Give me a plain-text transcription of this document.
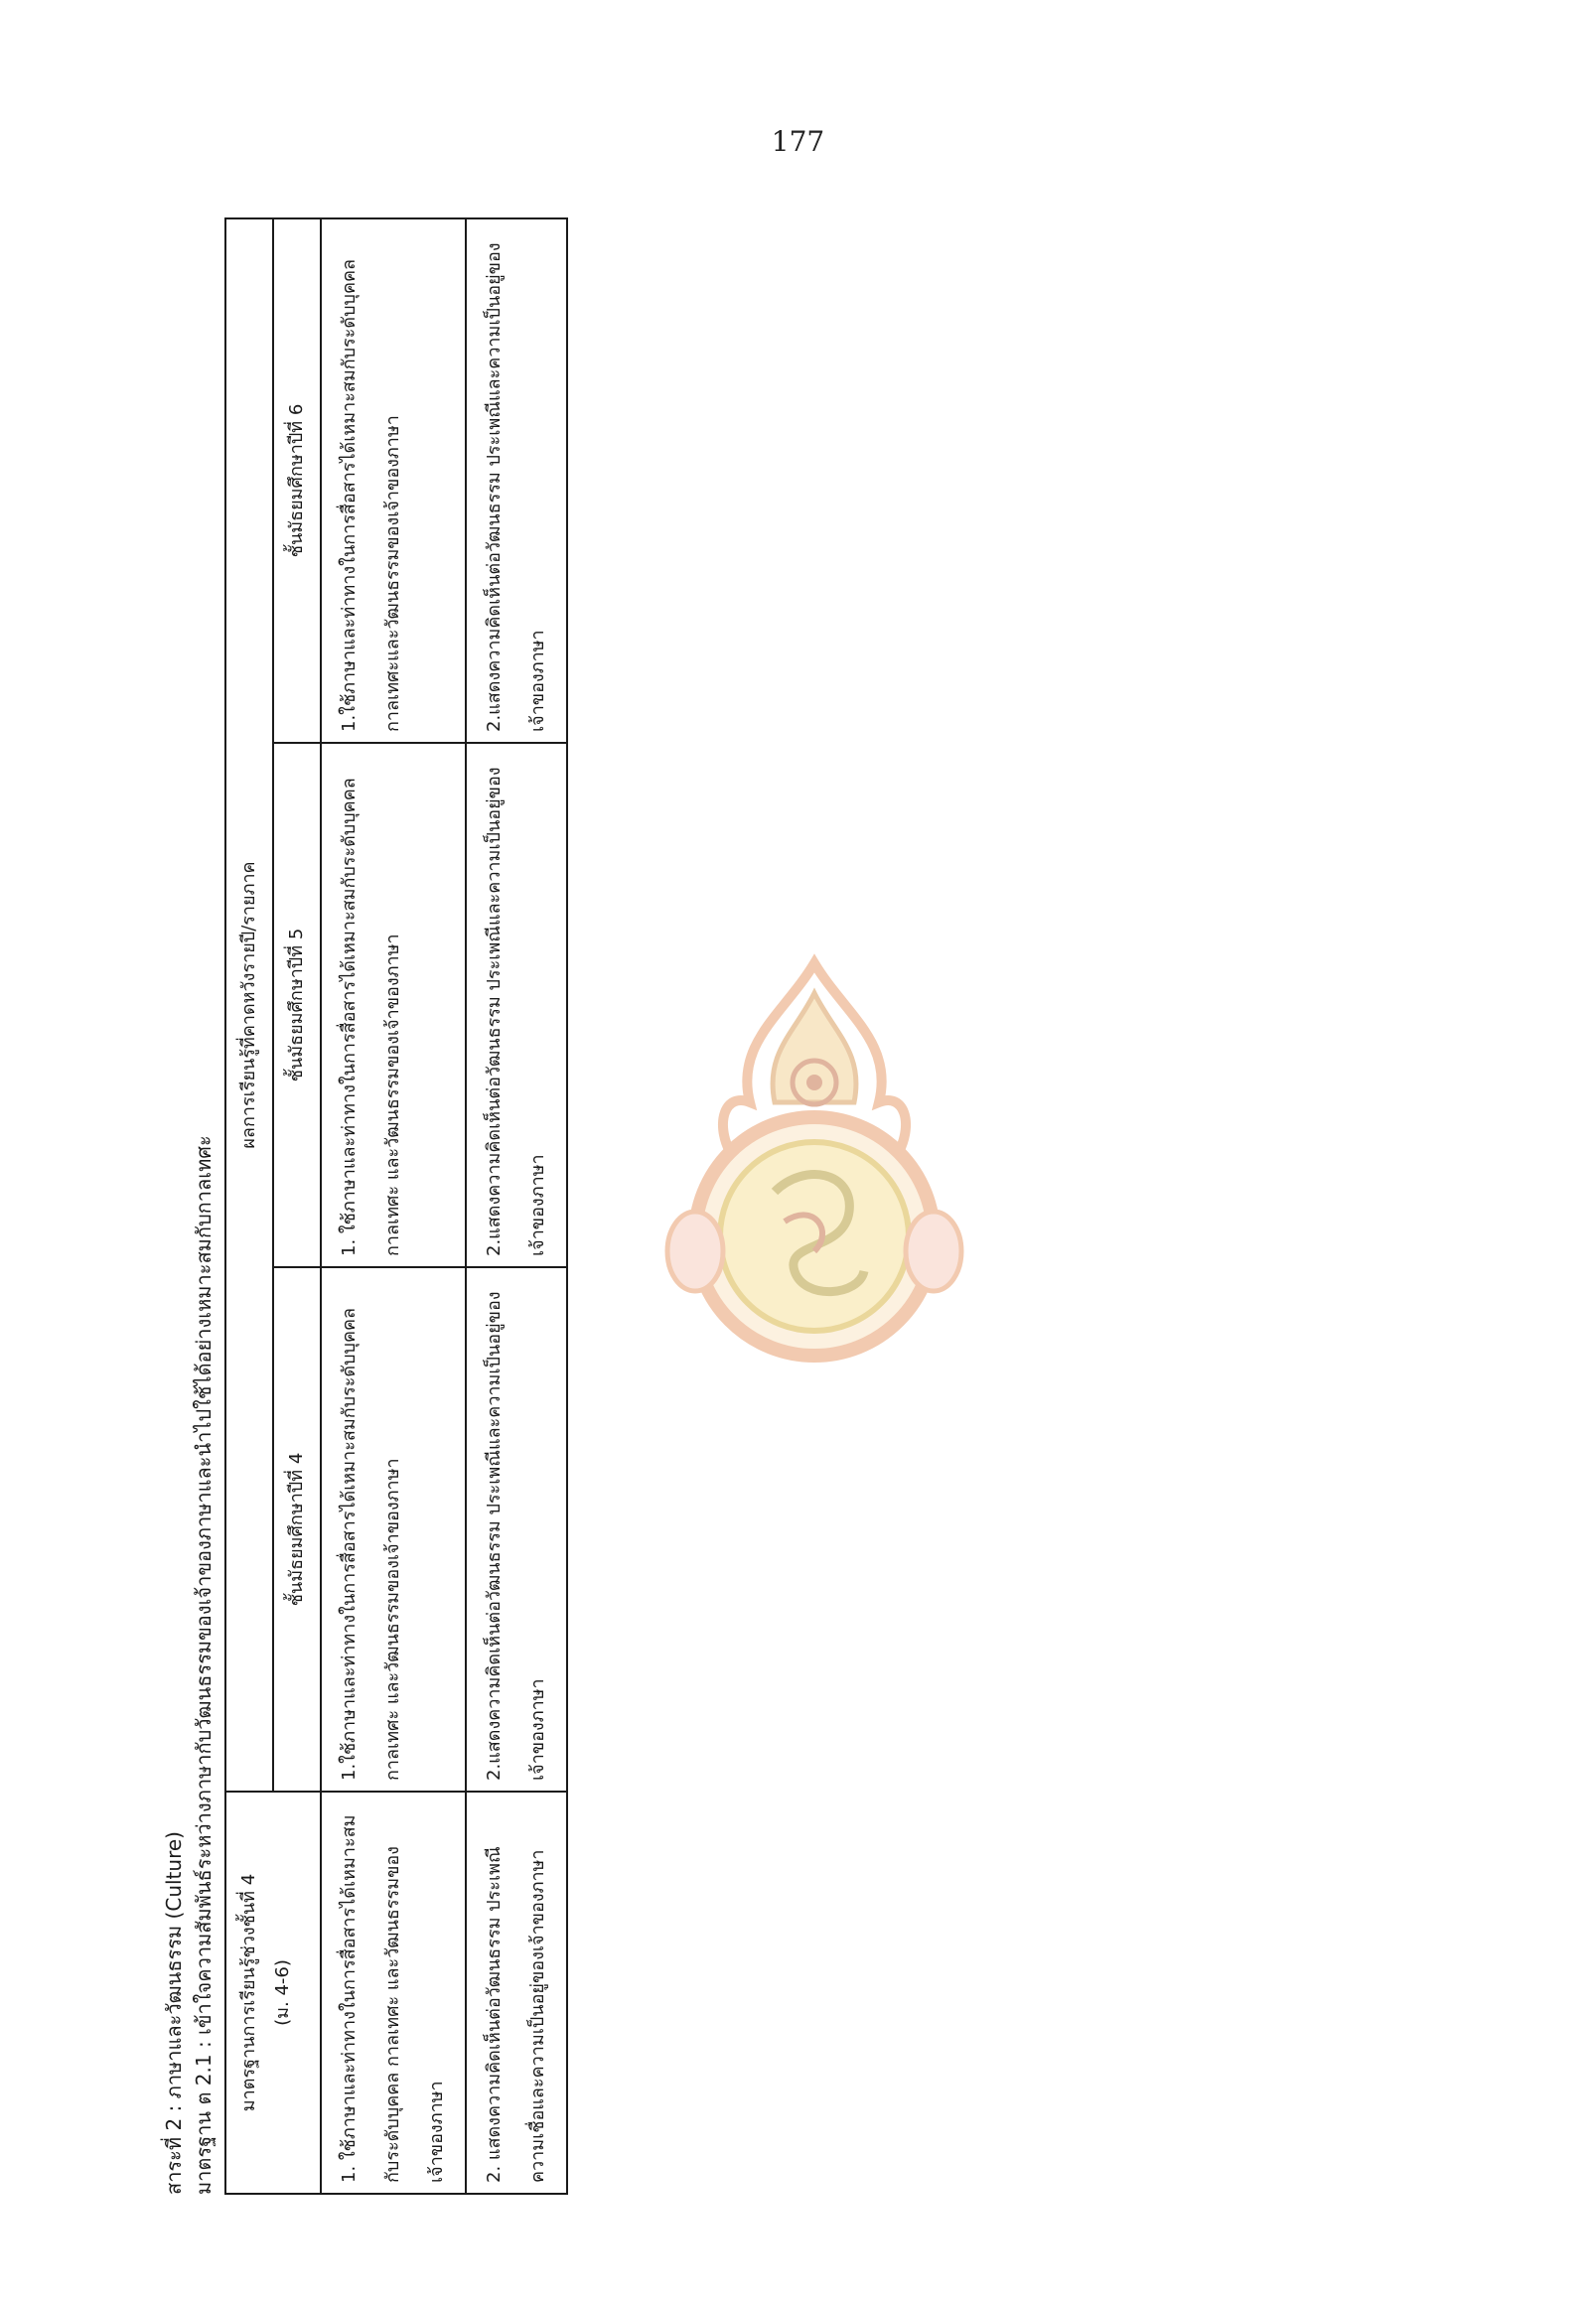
177
สาระที่ 2 : ภาษาและวัฒนธรรม (Culture) มาตรฐาน ต 2.1 : เข้าใจความสัมพันธ์ระหว่างภาษากับวัฒนธรรมของเจ้าของภาษาและนำไปใช้ได้อย่างเหมาะสมกับกาลเทศะ	มาตรฐานการเรียนรู้ช่วงชั้นที่ 4 (ม. 4-6)	ผลการเรียนรู้ที่คาดหวังรายปี/รายภาค		
	ชั้นมัธยมศึกษาปีที่ 4	ชั้นมัธยมศึกษาปีที่ 5	ชั้นมัธยมศึกษาปีที่ 6
1. ใช้ภาษาและท่าทางในการสื่อสารได้เหมาะสมกับระดับบุคคล กาลเทศะ และวัฒนธรรมของเจ้าของภาษา	1.ใช้ภาษาและท่าทางในการสื่อสารได้เหมาะสมกับระดับบุคคล กาลเทศะ และวัฒนธรรมของเจ้าของภาษา	1. ใช้ภาษาและท่าทางในการสื่อสารได้เหมาะสมกับระดับบุคคล กาลเทศะ และวัฒนธรรมของเจ้าของภาษา	1.ใช้ภาษาและท่าทางในการสื่อสารได้เหมาะสมกับระดับบุคคล กาลเทศะและวัฒนธรรมของเจ้าของภาษา
2. แสดงความคิดเห็นต่อวัฒนธรรม ประเพณี ความเชื่อและความเป็นอยู่ของเจ้าของภาษา	2.แสดงความคิดเห็นต่อวัฒนธรรม ประเพณีและความเป็นอยู่ของเจ้าของภาษา	2.แสดงความคิดเห็นต่อวัฒนธรรม ประเพณีและความเป็นอยู่ของเจ้าของภาษา	2.แสดงความคิดเห็นต่อวัฒนธรรม ประเพณีและความเป็นอยู่ของเจ้าของภาษา
